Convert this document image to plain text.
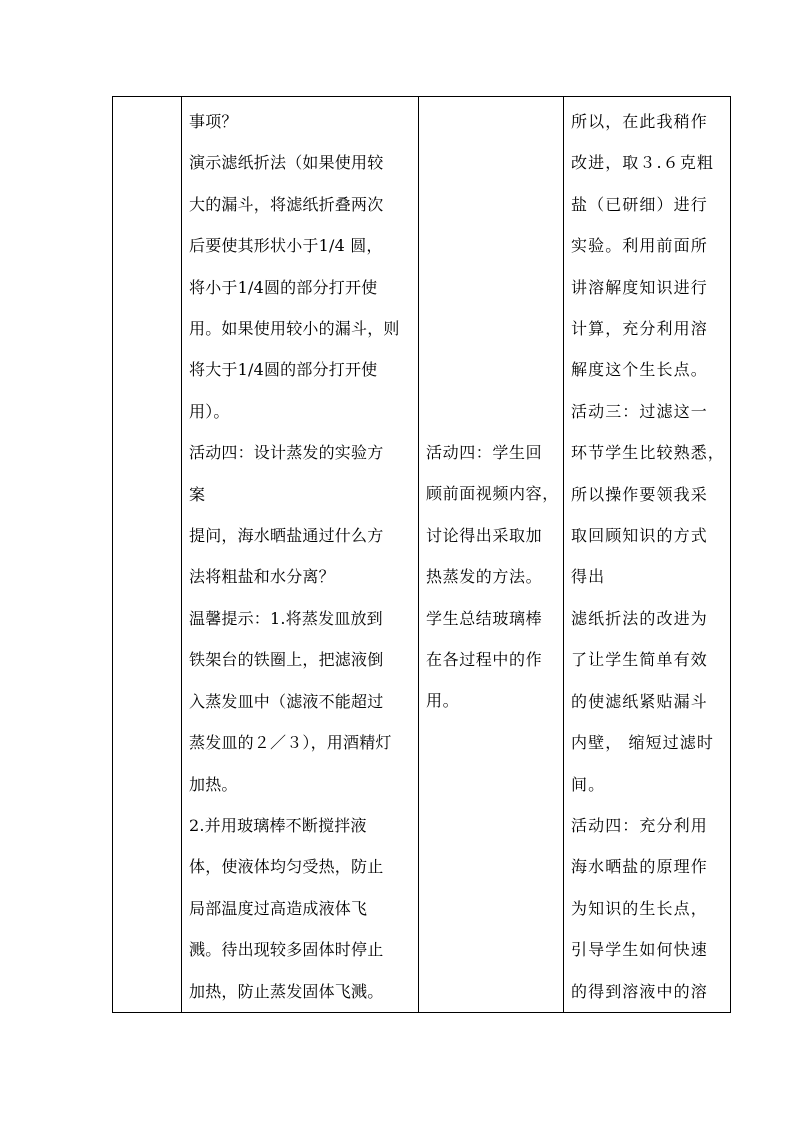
事项？
演示滤纸折法（如果使用较
大的漏斗，将滤纸折叠两次
后要使其形状小于1/4 圆，
将小于1/4圆的部分打开使
用。如果使用较小的漏斗，则
将大于1/4圆的部分打开使
用）。
活动四：设计蒸发的实验方
案
提问，海水晒盐通过什么方
法将粗盐和水分离？
温馨提示：1.将蒸发皿放到
铁架台的铁圈上，把滤液倒
入蒸发皿中（滤液不能超过
蒸发皿的２／３），用酒精灯
加热。
2.并用玻璃棒不断搅拌液
体，使液体均匀受热，防止
局部温度过高造成液体飞
溅。待出现较多固体时停止
加热，防止蒸发固体飞溅。

活动四：学生回
顾前面视频内容，
讨论得出采取加
热蒸发的方法。
学生总结玻璃棒
在各过程中的作
用。

所以，在此我稍作
改进，取３.６克粗
盐（已研细）进行
实验。利用前面所
讲溶解度知识进行
计算，充分利用溶
解度这个生长点。
活动三：过滤这一
环节学生比较熟悉，
所以操作要领我采
取回顾知识的方式
得出
滤纸折法的改进为
了让学生简单有效
的使滤纸紧贴漏斗
内壁， 缩短过滤时
间。
活动四：充分利用
海水晒盐的原理作
为知识的生长点，
引导学生如何快速
的得到溶液中的溶
